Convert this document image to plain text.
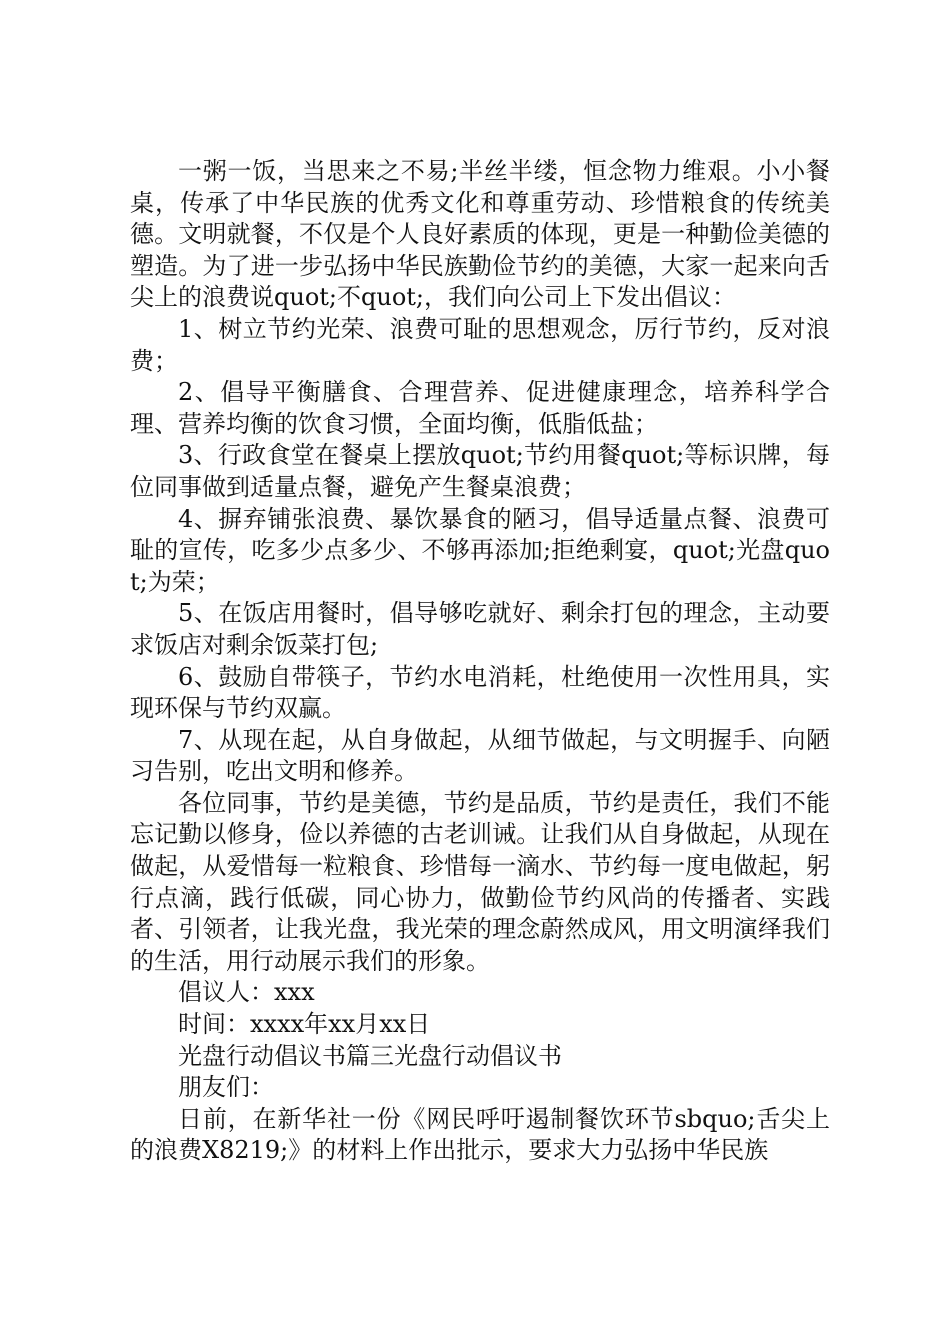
一粥一饭，当思来之不易;半丝半缕，恒念物力维艰。小小餐桌，传承了中华民族的优秀文化和尊重劳动、珍惜粮食的传统美德。文明就餐，不仅是个人良好素质的体现，更是一种勤俭美德的塑造。为了进一步弘扬中华民族勤俭节约的美德，大家一起来向舌尖上的浪费说quot;不quot;，我们向公司上下发出倡议：

1、树立节约光荣、浪费可耻的思想观念，厉行节约，反对浪费；

2、倡导平衡膳食、合理营养、促进健康理念，培养科学合理、营养均衡的饮食习惯，全面均衡，低脂低盐；

3、行政食堂在餐桌上摆放quot;节约用餐quot;等标识牌，每位同事做到适量点餐，避免产生餐桌浪费；

4、摒弃铺张浪费、暴饮暴食的陋习，倡导适量点餐、浪费可耻的宣传，吃多少点多少、不够再添加;拒绝剩宴，quot;光盘quot;为荣；

5、在饭店用餐时，倡导够吃就好、剩余打包的理念，主动要求饭店对剩余饭菜打包;

6、鼓励自带筷子，节约水电消耗，杜绝使用一次性用具，实现环保与节约双赢。

7、从现在起，从自身做起，从细节做起，与文明握手、向陋习告别，吃出文明和修养。

各位同事，节约是美德，节约是品质，节约是责任，我们不能忘记勤以修身，俭以养德的古老训诫。让我们从自身做起，从现在做起，从爱惜每一粒粮食、珍惜每一滴水、节约每一度电做起，躬行点滴，践行低碳，同心协力，做勤俭节约风尚的传播者、实践者、引领者，让我光盘，我光荣的理念蔚然成风，用文明演绎我们的生活，用行动展示我们的形象。

倡议人：xxx

时间：xxxx年xx月xx日

光盘行动倡议书篇三光盘行动倡议书

朋友们：

日前，在新华社一份《网民呼吁遏制餐饮环节sbquo;舌尖上的浪费X8219;》的材料上作出批示，要求大力弘扬中华民族
